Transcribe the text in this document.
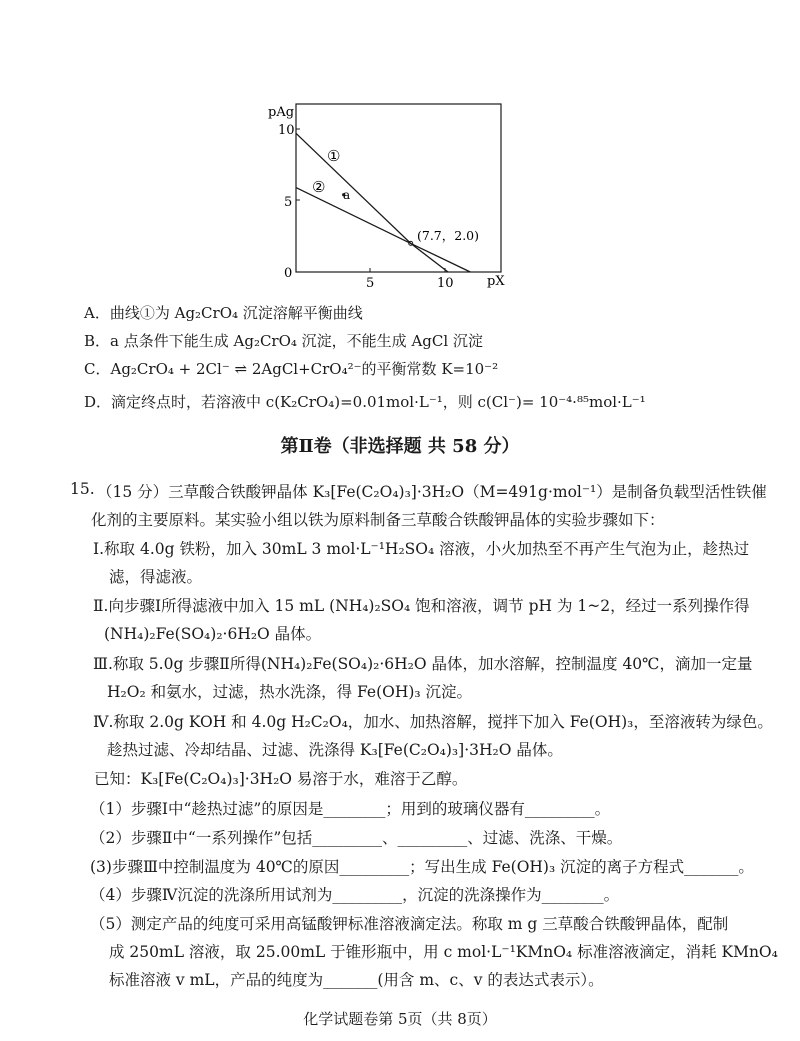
pAg
pX
10
5
0
5	10
①
② a
(7.7，2.0)
A．曲线①为 Ag₂CrO₄ 沉淀溶解平衡曲线
B．a 点条件下能生成 Ag₂CrO₄ 沉淀，不能生成 AgCl 沉淀
C．Ag₂CrO₄ + 2Cl⁻ ⇌ 2AgCl+CrO₄²⁻的平衡常数 K=10⁻²
D．滴定终点时，若溶液中 c(K₂CrO₄)=0.01mol·L⁻¹，则 c(Cl⁻)= 10⁻⁴·⁸⁵mol·L⁻¹
第Ⅱ卷（非选择题 共 58 分）
15. （15 分）三草酸合铁酸钾晶体 K₃[Fe(C₂O₄)₃]·3H₂O（M=491g·mol⁻¹）是制备负载型活性铁催
化剂的主要原料。某实验小组以铁为原料制备三草酸合铁酸钾晶体的实验步骤如下：
Ⅰ.称取 4.0g 铁粉，加入 30mL 3 mol·L⁻¹H₂SO₄ 溶液，小火加热至不再产生气泡为止，趁热过
滤，得滤液。
Ⅱ.向步骤Ⅰ所得滤液中加入 15 mL (NH₄)₂SO₄ 饱和溶液，调节 pH 为 1~2，经过一系列操作得
(NH₄)₂Fe(SO₄)₂·6H₂O 晶体。
Ⅲ.称取 5.0g 步骤Ⅱ所得(NH₄)₂Fe(SO₄)₂·6H₂O 晶体，加水溶解，控制温度 40℃，滴加一定量
H₂O₂ 和氨水，过滤，热水洗涤，得 Fe(OH)₃ 沉淀。
Ⅳ.称取 2.0g KOH 和 4.0g H₂C₂O₄，加水、加热溶解，搅拌下加入 Fe(OH)₃，至溶液转为绿色。
趁热过滤、冷却结晶、过滤、洗涤得 K₃[Fe(C₂O₄)₃]·3H₂O 晶体。
已知：K₃[Fe(C₂O₄)₃]·3H₂O 易溶于水，难溶于乙醇。
（1）步骤Ⅰ中“趁热过滤”的原因是________；用到的玻璃仪器有_________。
（2）步骤Ⅱ中“一系列操作”包括_________、_________、过滤、洗涤、干燥。
(3)步骤Ⅲ中控制温度为 40℃的原因_________；写出生成 Fe(OH)₃ 沉淀的离子方程式_______。
（4）步骤Ⅳ沉淀的洗涤所用试剂为_________，沉淀的洗涤操作为________。
（5）测定产品的纯度可采用高锰酸钾标准溶液滴定法。称取 m g 三草酸合铁酸钾晶体，配制
成 250mL 溶液，取 25.00mL 于锥形瓶中，用 c mol·L⁻¹KMnO₄ 标准溶液滴定，消耗 KMnO₄
标准溶液 v mL，产品的纯度为_______(用含 m、c、v 的表达式表示）。
化学试题卷第 5页（共 8页）
